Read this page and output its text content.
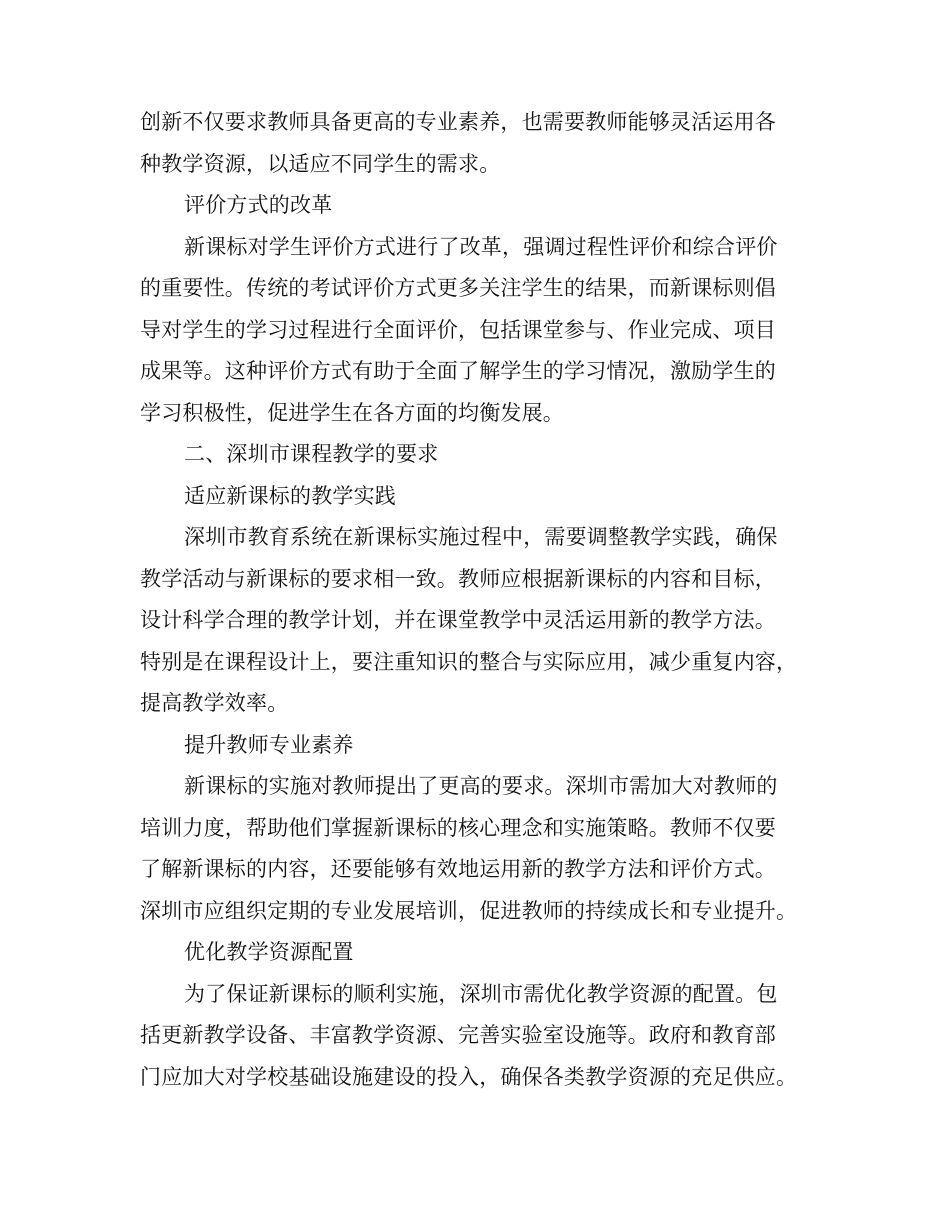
创新不仅要求教师具备更高的专业素养，也需要教师能够灵活运用各
种教学资源，以适应不同学生的需求。
评价方式的改革
新课标对学生评价方式进行了改革，强调过程性评价和综合评价
的重要性。传统的考试评价方式更多关注学生的结果，而新课标则倡
导对学生的学习过程进行全面评价，包括课堂参与、作业完成、项目
成果等。这种评价方式有助于全面了解学生的学习情况，激励学生的
学习积极性，促进学生在各方面的均衡发展。
二、深圳市课程教学的要求
适应新课标的教学实践
深圳市教育系统在新课标实施过程中，需要调整教学实践，确保
教学活动与新课标的要求相一致。教师应根据新课标的内容和目标，
设计科学合理的教学计划，并在课堂教学中灵活运用新的教学方法。
特别是在课程设计上，要注重知识的整合与实际应用，减少重复内容，
提高教学效率。
提升教师专业素养
新课标的实施对教师提出了更高的要求。深圳市需加大对教师的
培训力度，帮助他们掌握新课标的核心理念和实施策略。教师不仅要
了解新课标的内容，还要能够有效地运用新的教学方法和评价方式。
深圳市应组织定期的专业发展培训，促进教师的持续成长和专业提升。
优化教学资源配置
为了保证新课标的顺利实施，深圳市需优化教学资源的配置。包
括更新教学设备、丰富教学资源、完善实验室设施等。政府和教育部
门应加大对学校基础设施建设的投入，确保各类教学资源的充足供应。
